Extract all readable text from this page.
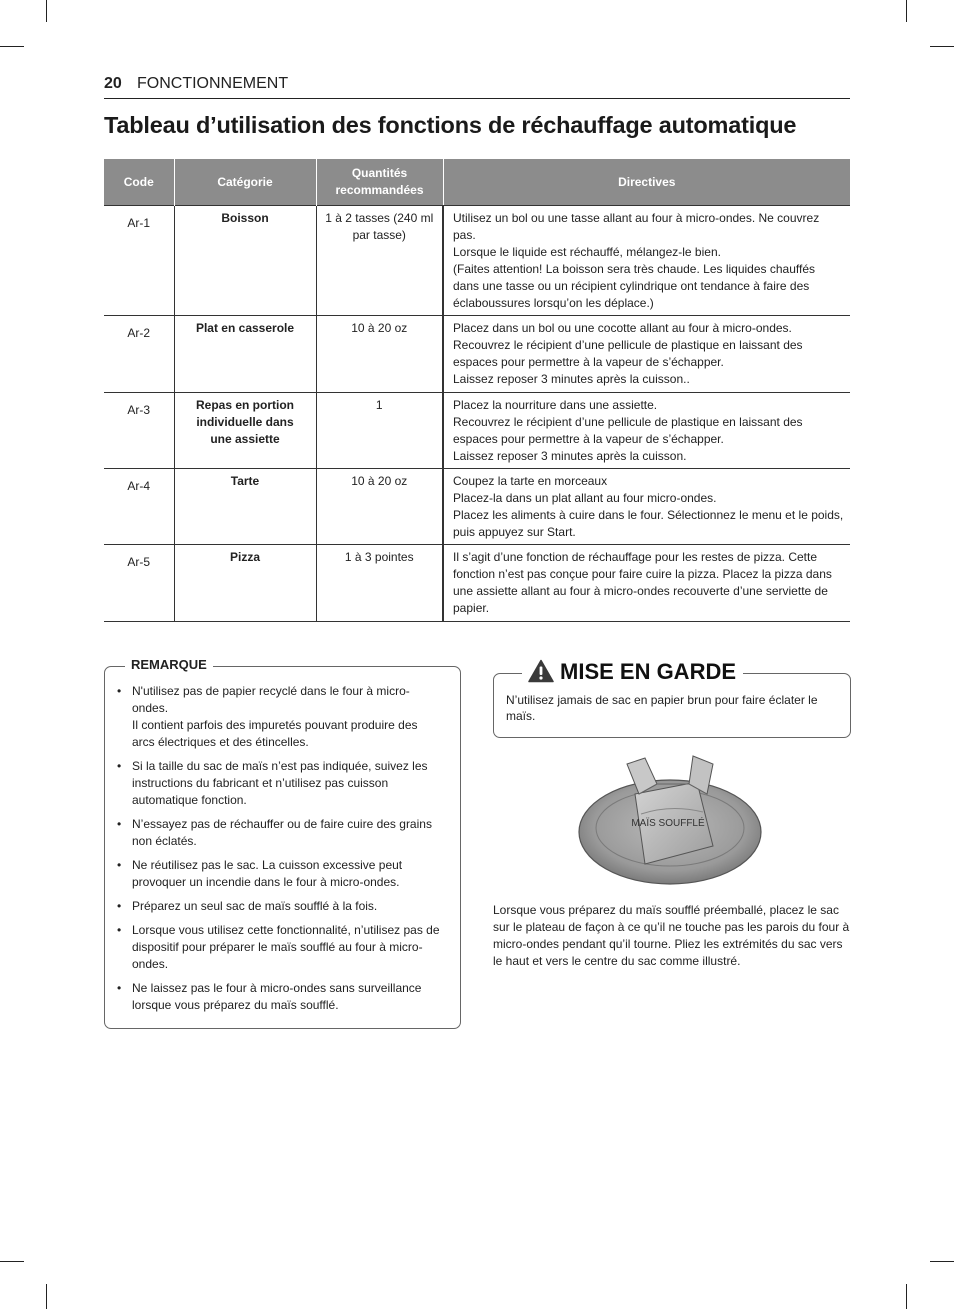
20 FONCTIONNEMENT
Tableau d’utilisation des fonctions de réchauffage automatique
Code	Catégorie	Quantités recommandées	Directives

Ar-1	Boisson	1 à 2 tasses (240 ml par tasse)	Utilisez un bol ou une tasse allant au four à micro-ondes. Ne couvrez pas.
Lorsque le liquide est réchauffé, mélangez-le bien.
(Faites attention! La boisson sera très chaude. Les liquides chauffés dans une tasse ou un récipient cylindrique ont tendance à faire des éclaboussures lorsqu’on les déplace.)

Ar-2	Plat en casserole	10 à 20 oz	Placez dans un bol ou une cocotte allant au four à micro-ondes.
Recouvrez le récipient d’une pellicule de plastique en laissant des espaces pour permettre à la vapeur de s’échapper.
Laissez reposer 3 minutes après la cuisson..

Ar-3	Repas en portion individuelle dans une assiette	1	Placez la nourriture dans une assiette.
Recouvrez le récipient d’une pellicule de plastique en laissant des espaces pour permettre à la vapeur de s’échapper.
Laissez reposer 3 minutes après la cuisson.

Ar-4	Tarte	10 à 20 oz	Coupez la tarte en morceaux
Placez-la dans un plat allant au four micro-ondes.
Placez les aliments à cuire dans le four. Sélectionnez le menu et le poids, puis appuyez sur Start.

Ar-5	Pizza	1 à 3 pointes	Il s’agit d’une fonction de réchauffage pour les restes de pizza. Cette fonction n’est pas conçue pour faire cuire la pizza. Placez la pizza dans une assiette allant au four à micro-ondes recouverte d’une serviette de papier.
• N'utilisez pas de papier recyclé dans le four à micro-ondes.
Il contient parfois des impuretés pouvant produire des arcs électriques et des étincelles.
• Si la taille du sac de maïs n’est pas indiquée, suivez les instructions du fabricant et n’utilisez pas cuisson automatique fonction.
• N’essayez pas de réchauffer ou de faire cuire des grains non éclatés.
• Ne réutilisez pas le sac. La cuisson excessive peut provoquer un incendie dans le four à micro-ondes.
• Préparez un seul sac de maïs soufflé à la fois.
• Lorsque vous utilisez cette fonctionnalité, n’utilisez pas de dispositif pour préparer le maïs soufflé au four à micro-ondes.
• Ne laissez pas le four à micro-ondes sans surveillance lorsque vous préparez du maïs soufflé.
REMARQUE	MISE EN GARDE
N’utilisez jamais de sac en papier brun pour faire éclater le maïs.
MAÏS SOUFFLÉ
Lorsque vous préparez du maïs soufflé préemballé, placez le sac sur le plateau de façon à ce qu’il ne touche pas les parois du four à micro-ondes pendant qu’il tourne. Pliez les extrémités du sac vers le haut et vers le centre du sac comme illustré.
